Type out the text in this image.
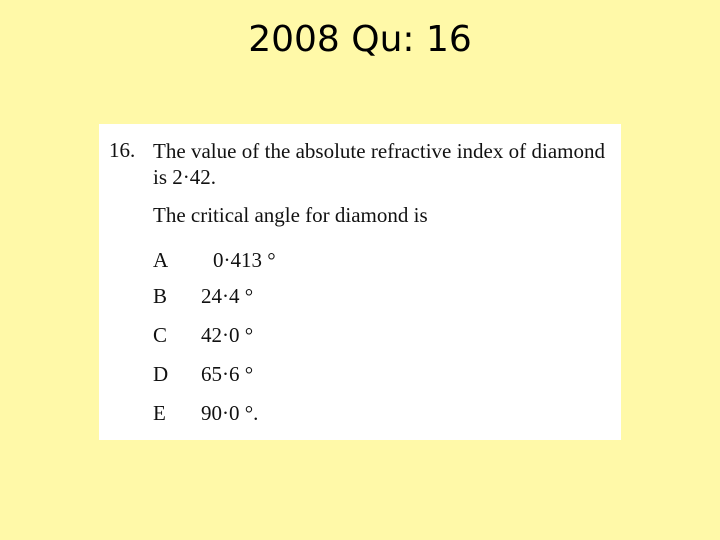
2008 Qu: 16
16. The value of the absolute refractive index of diamond is 2·42.
The critical angle for diamond is
A 0·413 °
B 24·4 °
C 42·0 °
D 65·6 °
E 90·0 °.
